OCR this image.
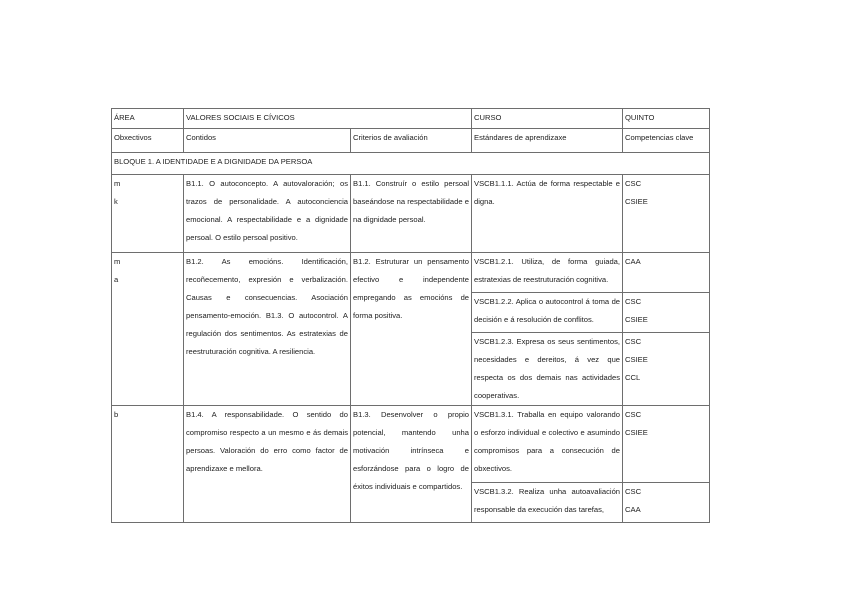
ÁREA	VALORES SOCIAIS E CÍVICOS		CURSO	QUINTO
Obxectivos	Contidos	Criterios de avaliación	Estándares de aprendizaxe	Competencias clave
BLOQUE 1. A IDENTIDADE E A DIGNIDADE DA PERSOA				

m
k	B1.1. O autoconcepto. A autovaloración; os trazos de personalidade. A autoconciencia emocional. A respectabilidade e a dignidade persoal. O estilo persoal positivo.	B1.1. Construír o estilo persoal baseándose na respectabilidade e na dignidade persoal.	VSCB1.1.1. Actúa de forma respectable e digna.	CSC
CSIEE

m
a	B1.2. As emocións. Identificación, recoñecemento, expresión e verbalización. Causas e consecuencias. Asociación pensamento-emoción. B1.3. O autocontrol. A regulación dos sentimentos. As estratexias de reestruturación cognitiva. A resiliencia.	B1.2. Estruturar un pensamento efectivo e independente empregando as emocións de forma positiva.	VSCB1.2.1. Utiliza, de forma guiada, estratexias de reestruturación cognitiva.	CAA

			VSCB1.2.2. Aplica o autocontrol á toma de decisión e á resolución de conflitos.	CSC
CSIEE

			VSCB1.2.3. Expresa os seus sentimentos, necesidades e dereitos, á vez que respecta os dos demais nas actividades cooperativas.	CSC
CSIEE
CCL

b	B1.4. A responsabilidade. O sentido do compromiso respecto a un mesmo e ás demais persoas. Valoración do erro como factor de aprendizaxe e mellora.	B1.3. Desenvolver o propio potencial, mantendo unha motivación intrínseca e esforzándose para o logro de éxitos individuais e compartidos.	VSCB1.3.1. Traballa en equipo valorando o esforzo individual e colectivo e asumindo compromisos para a consecución de obxectivos.	CSC
CSIEE

			VSCB1.3.2. Realiza unha autoavaliación responsable da execución das tarefas,	CSC
CAA
